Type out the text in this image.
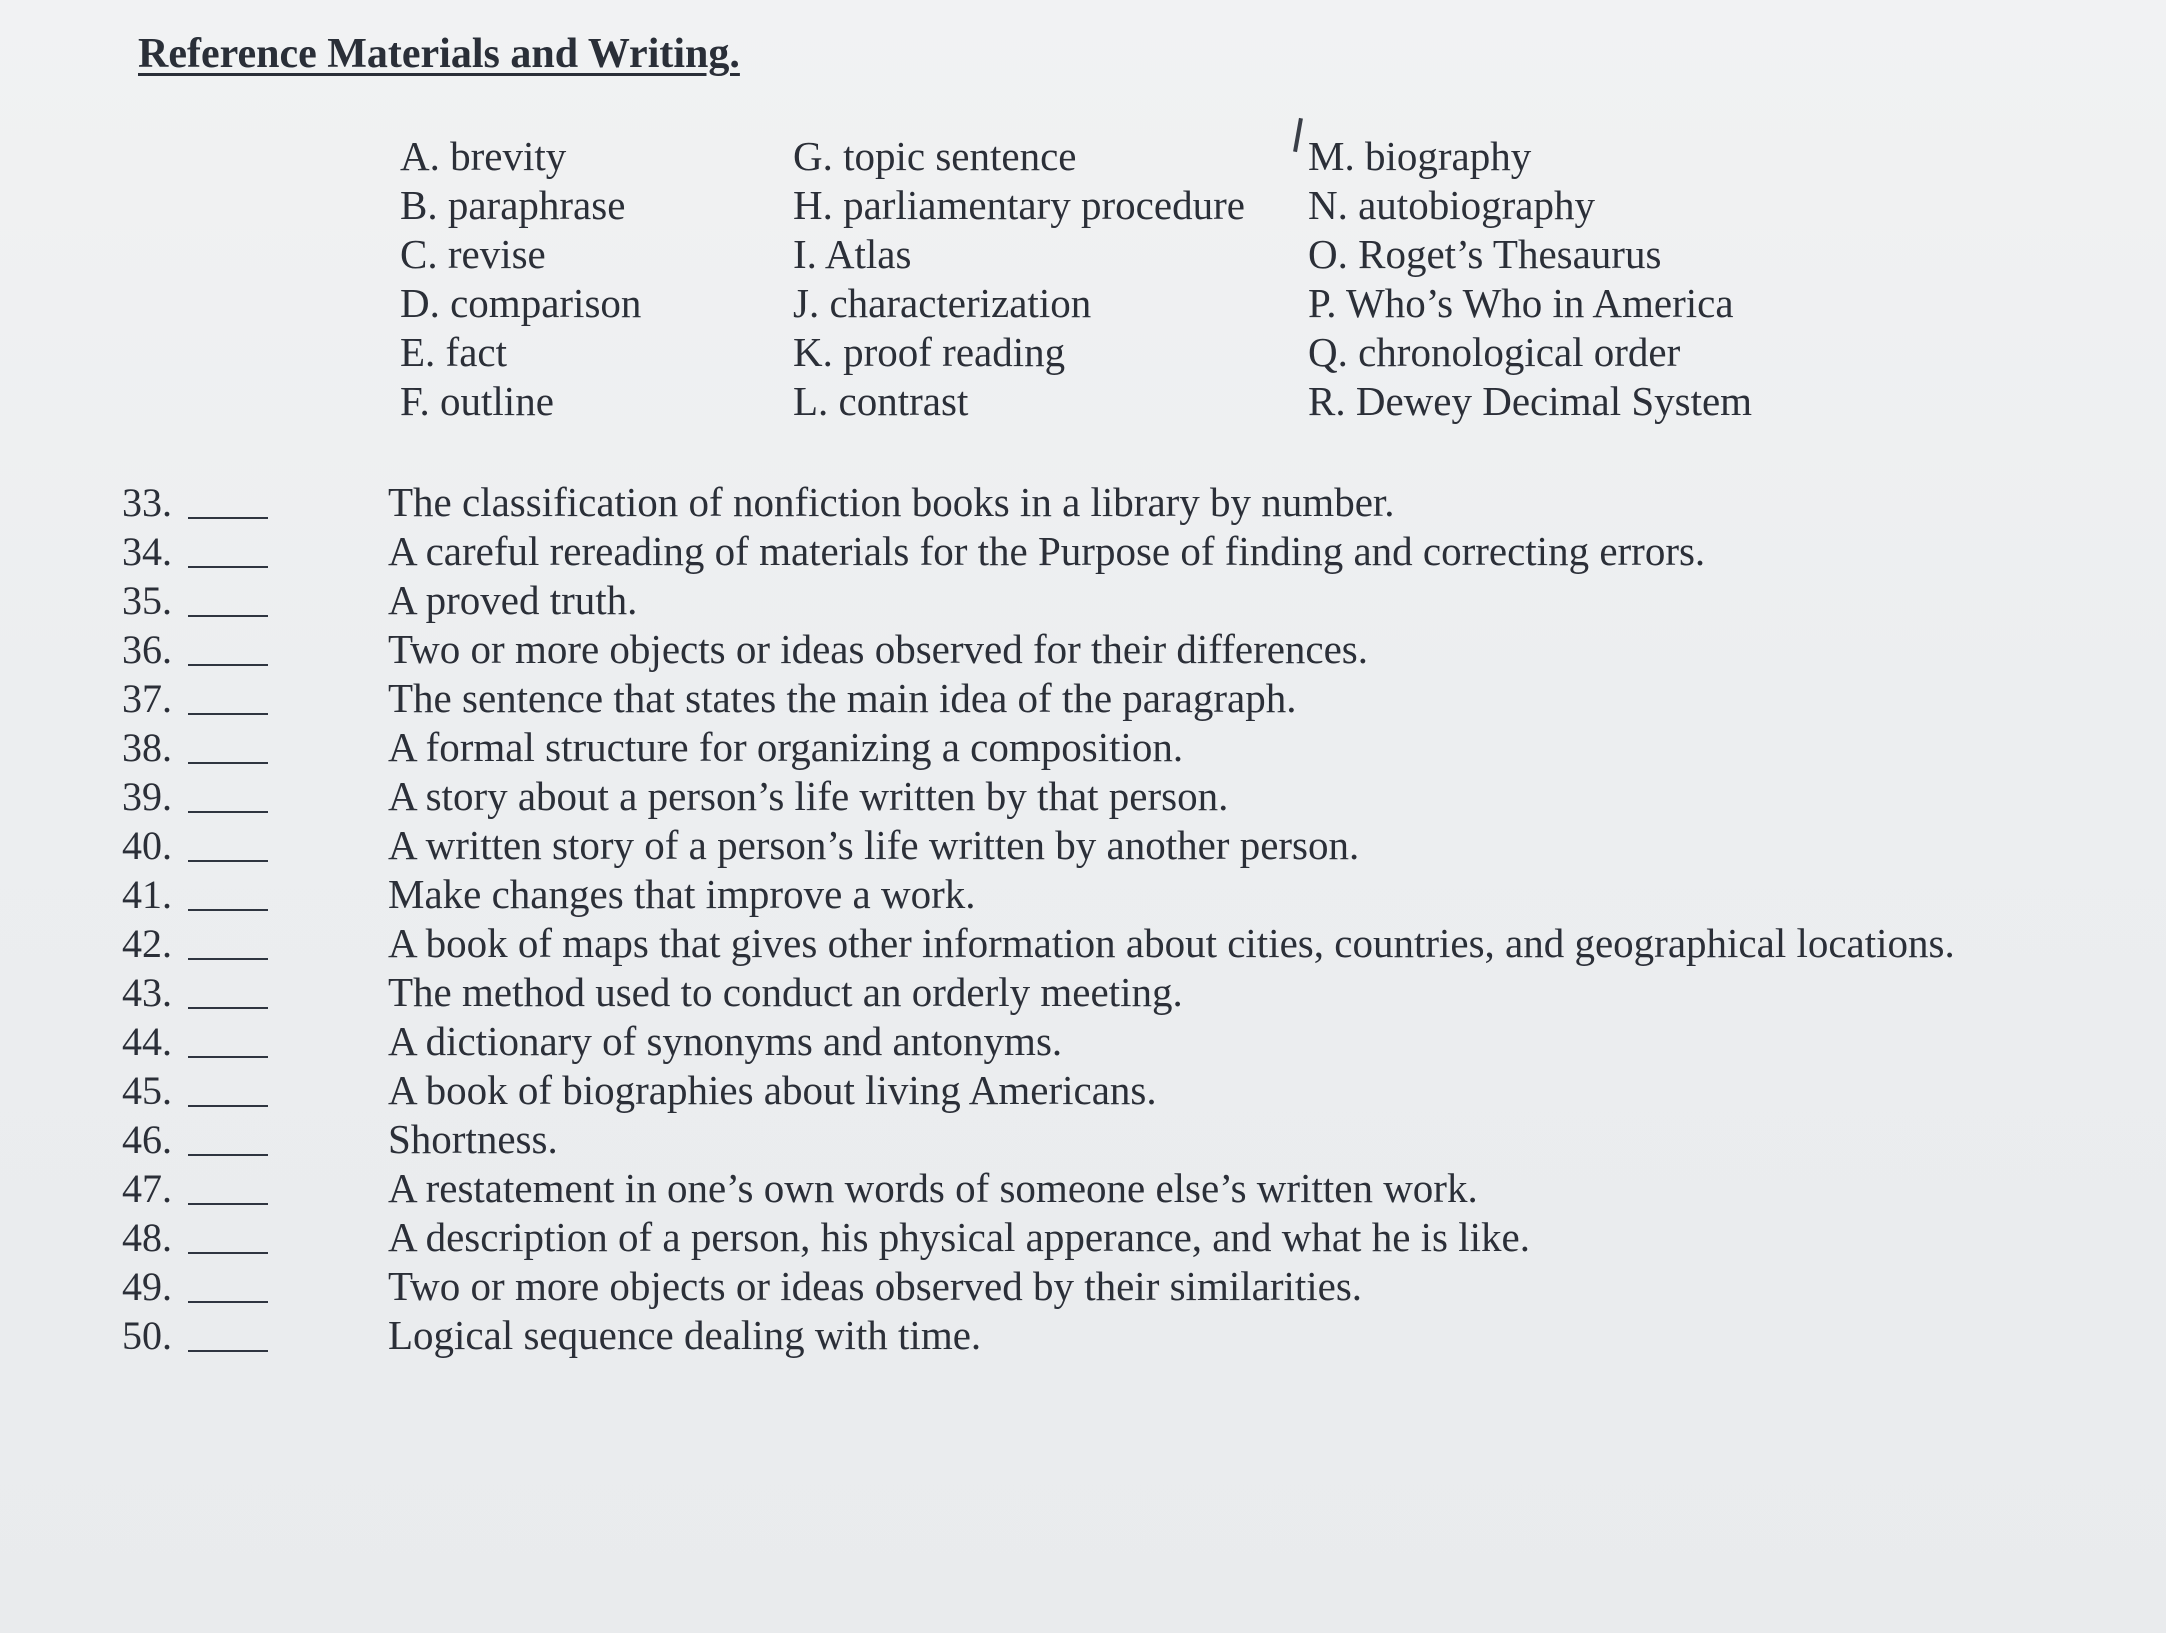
Reference Materials and Writing.
A. brevity
B. paraphrase
C. revise
D. comparison
E. fact
F. outline
G. topic sentence
H. parliamentary procedure
I. Atlas
J. characterization
K. proof reading
L. contrast
M. biography
N. autobiography
O. Roget’s Thesaurus
P. Who’s Who in America
Q. chronological order
R. Dewey Decimal System
33.	The classification of nonfiction books in a library by number.
34.	A careful rereading of materials for the Purpose of finding and correcting errors.
35.	A proved truth.
36.	Two or more objects or ideas observed for their differences.
37.	The sentence that states the main idea of the paragraph.
38.	A formal structure for organizing a composition.
39.	A story about a person’s life written by that person.
40.	A written story of a person’s life written by another person.
41.	Make changes that improve a work.
42.	A book of maps that gives other information about cities, countries, and geographical locations.
43.	The method used to conduct an orderly meeting.
44.	A dictionary of synonyms and antonyms.
45.	A book of biographies about living Americans.
46.	Shortness.
47.	A restatement in one’s own words of someone else’s written work.
48.	A description of a person, his physical apperance, and what he is like.
49.	Two or more objects or ideas observed by their similarities.
50.	Logical sequence dealing with time.
